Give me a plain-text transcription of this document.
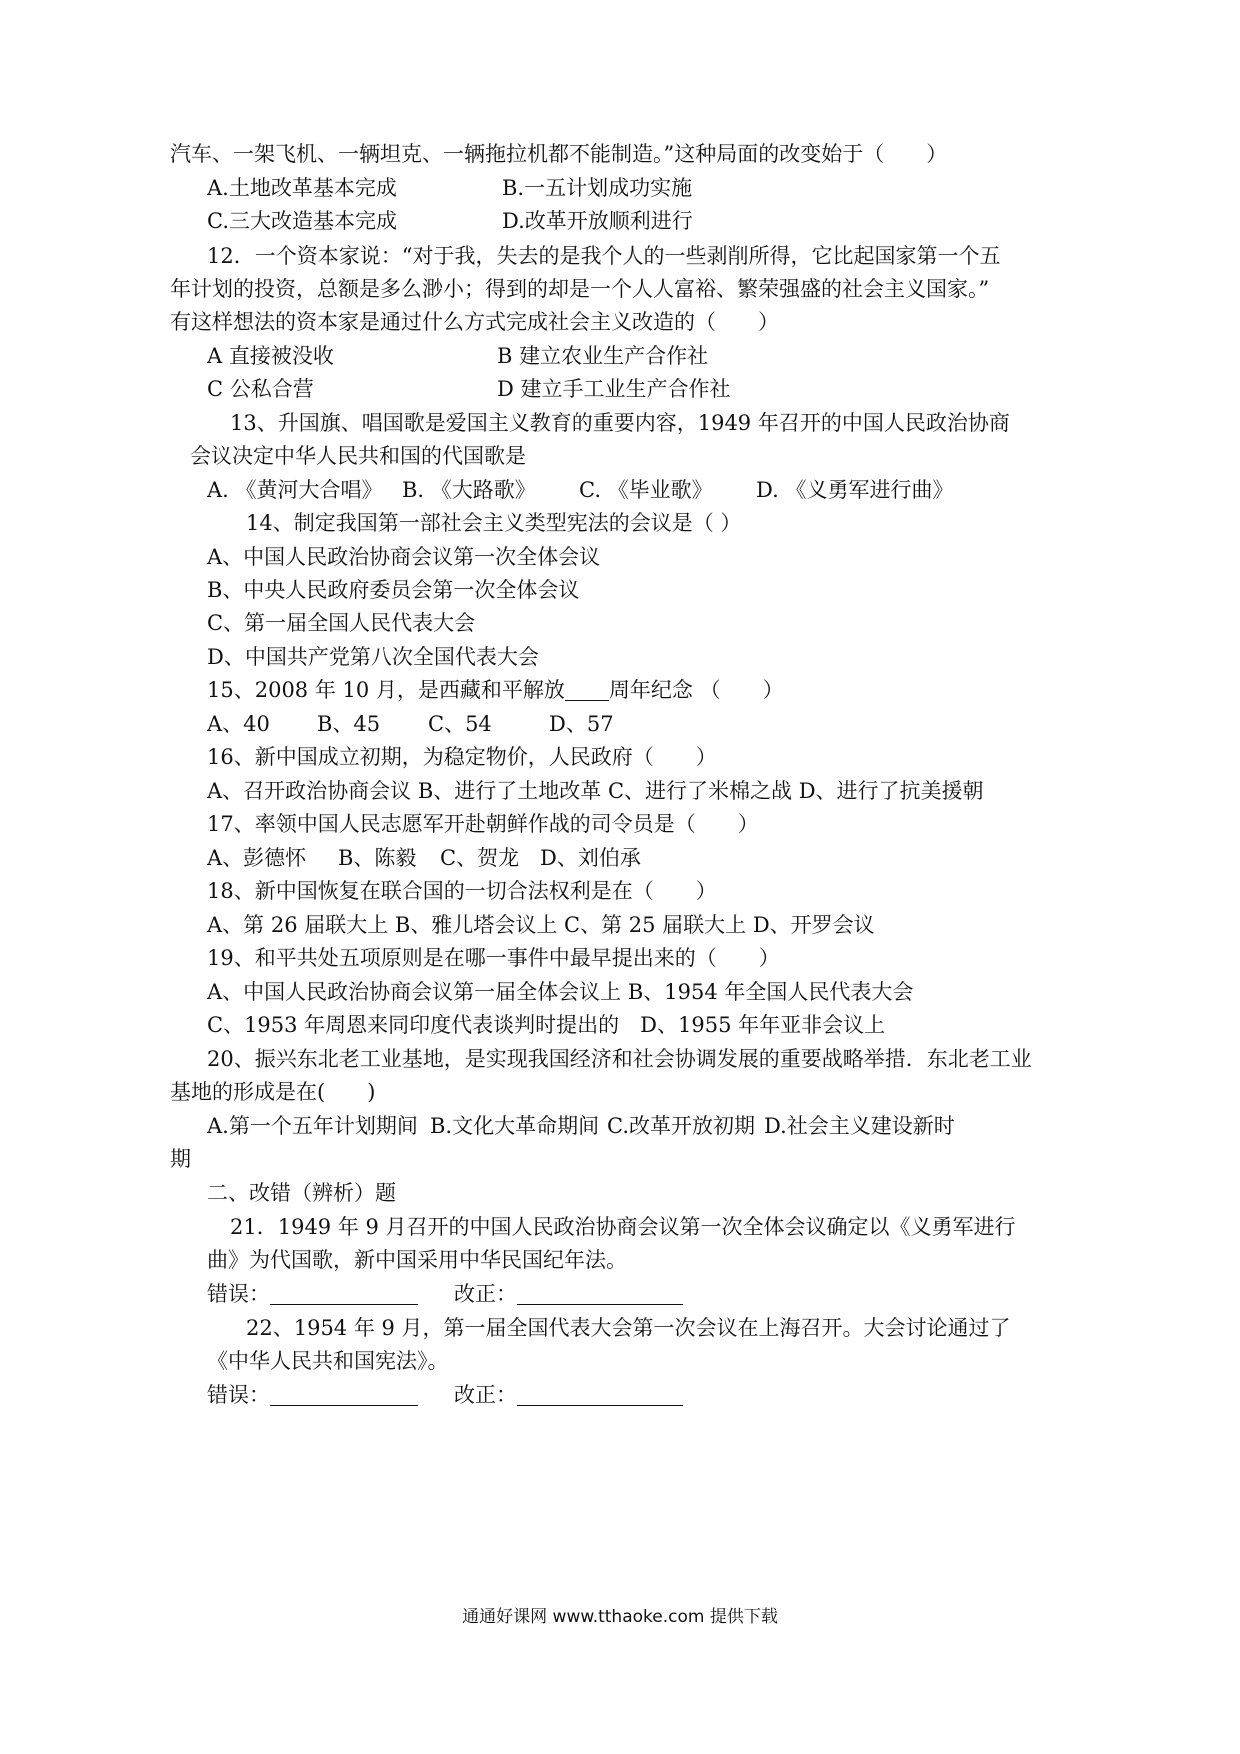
汽车、一架飞机、一辆坦克、一辆拖拉机都不能制造。”这种局面的改变始于（　　）
A.土地改革基本完成	B.一五计划成功实施
C.三大改造基本完成	D.改革开放顺利进行
12．一个资本家说：“对于我，失去的是我个人的一些剥削所得，它比起国家第一个五
年计划的投资，总额是多么渺小；得到的却是一个人人富裕、繁荣强盛的社会主义国家。”
有这样想法的资本家是通过什么方式完成社会主义改造的（　　）
A 直接被没收	B 建立农业生产合作社
C 公私合营	D 建立手工业生产合作社
13、升国旗、唱国歌是爱国主义教育的重要内容，1949 年召开的中国人民政治协商
会议决定中华人民共和国的代国歌是
A. 《黄河大合唱》 B. 《大路歌》 C. 《毕业歌》 D. 《义勇军进行曲》
14、制定我国第一部社会主义类型宪法的会议是（ ）
A、中国人民政治协商会议第一次全体会议
B、中央人民政府委员会第一次全体会议
C、第一届全国人民代表大会
D、中国共产党第八次全国代表大会
15、2008 年 10 月，是西藏和平解放 周年纪念 （　　）
A、40 B、45 C、54	D、57
16、新中国成立初期，为稳定物价，人民政府（　　）
A、召开政治协商会议 B、进行了土地改革 C、进行了米棉之战 D、进行了抗美援朝
17、率领中国人民志愿军开赴朝鲜作战的司令员是（　　）
A、彭德怀 B、陈毅 C、贺龙 D、刘伯承
18、新中国恢复在联合国的一切合法权利是在（　　）
A、第 26 届联大上 B、雅儿塔会议上 C、第 25 届联大上 D、开罗会议
19、和平共处五项原则是在哪一事件中最早提出来的（　　）
A、中国人民政治协商会议第一届全体会议上 B、1954 年全国人民代表大会
C、1953 年周恩来同印度代表谈判时提出的　D、1955 年年亚非会议上
20、振兴东北老工业基地，是实现我国经济和社会协调发展的重要战略举措．东北老工业
基地的形成是在(　　)
A.第一个五年计划期间 B.文化大革命期间 C.改革开放初期 D.社会主义建设新时
期
二、改错（辨析）题
21．1949 年 9 月召开的中国人民政治协商会议第一次全体会议确定以《义勇军进行
曲》为代国歌，新中国采用中华民国纪年法。
错误：	改正：
22、1954 年 9 月，第一届全国代表大会第一次会议在上海召开。大会讨论通过了
《中华人民共和国宪法》。
错误：	改正：
通通好课网 www.tthaoke.com 提供下载
